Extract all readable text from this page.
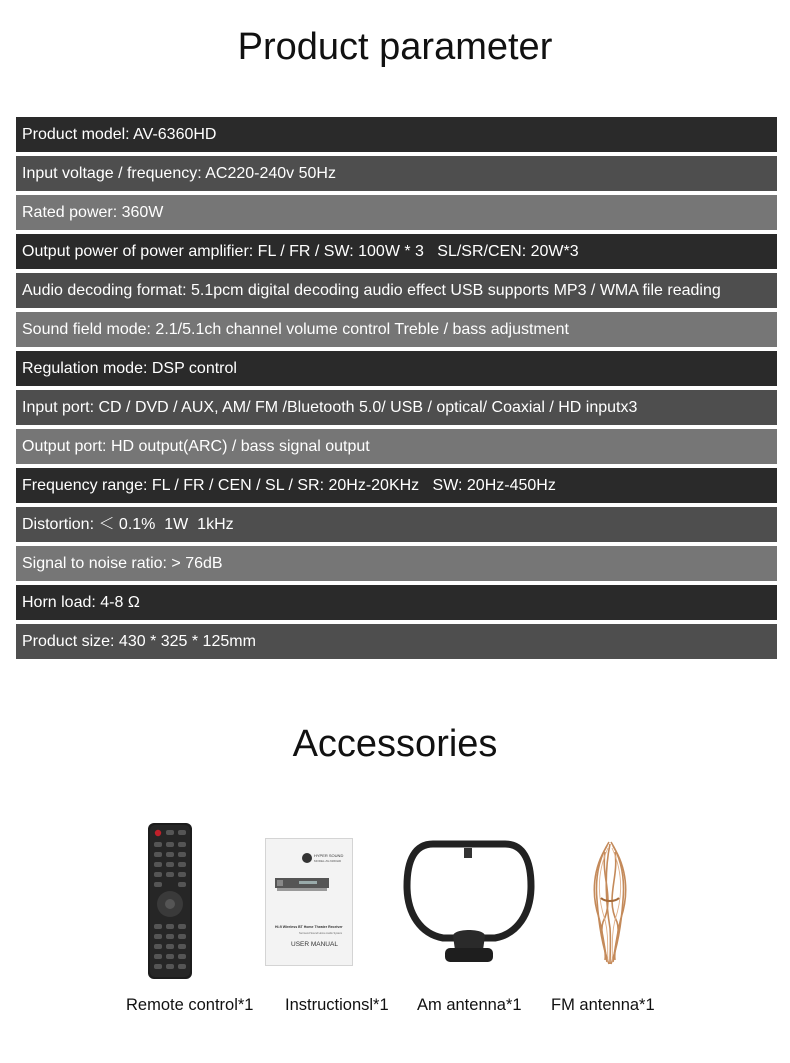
Product parameter
Product model: AV-6360HD
Input voltage / frequency: AC220-240v 50Hz
Rated power: 360W
Output power of power amplifier: FL / FR / SW: 100W * 3   SL/SR/CEN: 20W*3
Audio decoding format: 5.1pcm digital decoding audio effect USB supports MP3 / WMA file reading
Sound field mode: 2.1/5.1ch channel volume control Treble / bass adjustment
Regulation mode: DSP control
Input port: CD / DVD / AUX, AM/ FM /Bluetooth 5.0/ USB / optical/ Coaxial / HD inputx3
Output port: HD output(ARC) / bass signal output
Frequency range: FL / FR / CEN / SL / SR: 20Hz-20KHz   SW: 20Hz-450Hz
Distortion: ＜ 0.1%  1W  1kHz
Signal to noise ratio: > 76dB
Horn load: 4-8 Ω
Product size: 430 * 325 * 125mm
Accessories
HYPER SOUND
MODEL:AV-6360HD
Hi-fi Wireless BT Home Theater Receiver
Surround Sound Home Audio System
USER MANUAL
Remote control*1 Instructionsl*1 Am antenna*1 FM antenna*1
